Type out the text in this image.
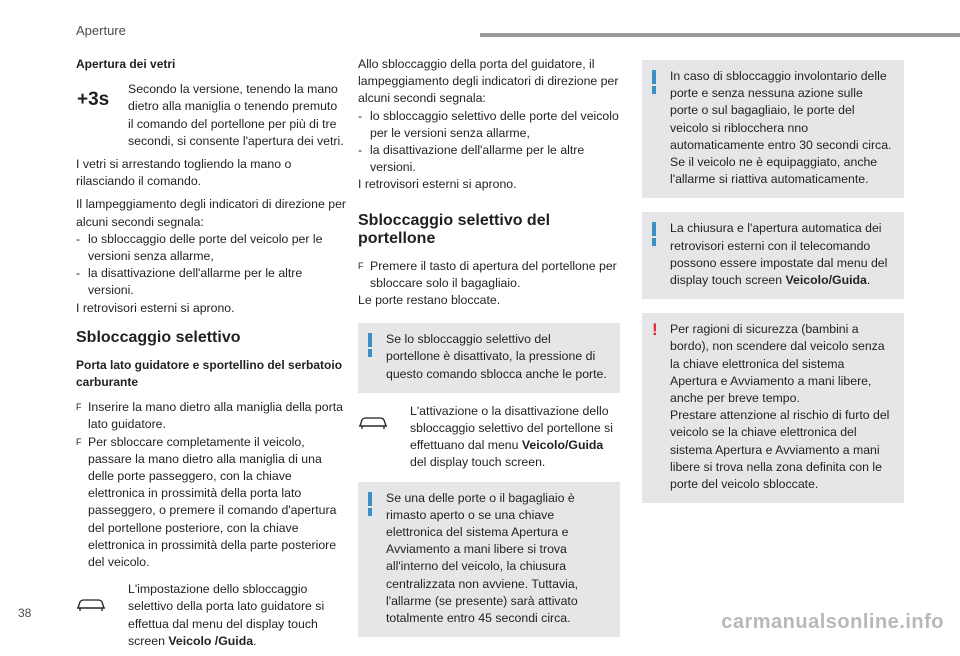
Aperture

Apertura dei vetri

+3s Secondo la versione, tenendo la mano dietro alla maniglia o tenendo premuto il comando del portellone per più di tre secondi, si consente l'apertura dei vetri.

I vetri si arrestando togliendo la mano o rilasciando il comando.

Il lampeggiamento degli indicatori di direzione per alcuni secondi segnala:

- lo sbloccaggio delle porte del veicolo per le versioni senza allarme,
- la disattivazione dell'allarme per le altre versioni.

I retrovisori esterni si aprono.

Sbloccaggio selettivo

Porta lato guidatore e sportellino del serbatoio carburante

F Inserire la mano dietro alla maniglia della porta lato guidatore.
F Per sbloccare completamente il veicolo, passare la mano dietro alla maniglia di una delle porte passeggero, con la chiave elettronica in prossimità della porta lato passeggero, o premere il comando d'apertura del portellone posteriore, con la chiave elettronica in prossimità della parte posteriore del veicolo.
L'impostazione dello sbloccaggio selettivo della porta lato guidatore si effettua dal menu del display touch screen Veicolo /Guida.

Allo sbloccaggio della porta del guidatore, il lampeggiamento degli indicatori di direzione per alcuni secondi segnala:

- lo sbloccaggio selettivo delle porte del veicolo per le versioni senza allarme,
- la disattivazione dell'allarme per le altre versioni.

I retrovisori esterni si aprono.

Sbloccaggio selettivo del portellone
F Premere il tasto di apertura del portellone per sbloccare solo il bagagliaio.

Le porte restano bloccate.

Se lo sbloccaggio selettivo del portellone è disattivato, la pressione di questo comando sblocca anche le porte.
L'attivazione o la disattivazione dello sbloccaggio selettivo del portellone si effettuano dal menu Veicolo/Guida del display touch screen.
Se una delle porte o il bagagliaio è rimasto aperto o se una chiave elettronica del sistema Apertura e Avviamento a mani libere si trova all'interno del veicolo, la chiusura centralizzata non avviene. Tuttavia, l'allarme (se presente) sarà attivato totalmente entro 45 secondi circa.
In caso di sbloccaggio involontario delle porte e senza nessuna azione sulle porte o sul bagagliaio, le porte del veicolo si riblocchera nno automaticamente entro 30 secondi circa.
Se il veicolo ne è equipaggiato, anche l'allarme si riattiva automaticamente.
La chiusura e l'apertura automatica dei retrovisori esterni con il telecomando possono essere impostate dal menu del display touch screen Veicolo/Guida.
! Per ragioni di sicurezza (bambini a bordo), non scendere dal veicolo senza la chiave elettronica del sistema Apertura e Avviamento a mani libere, anche per breve tempo.
Prestare attenzione al rischio di furto del veicolo se la chiave elettronica del sistema Apertura e Avviamento a mani libere si trova nella zona definita con le porte del veicolo sbloccate.
38	carmanualsonline.info
